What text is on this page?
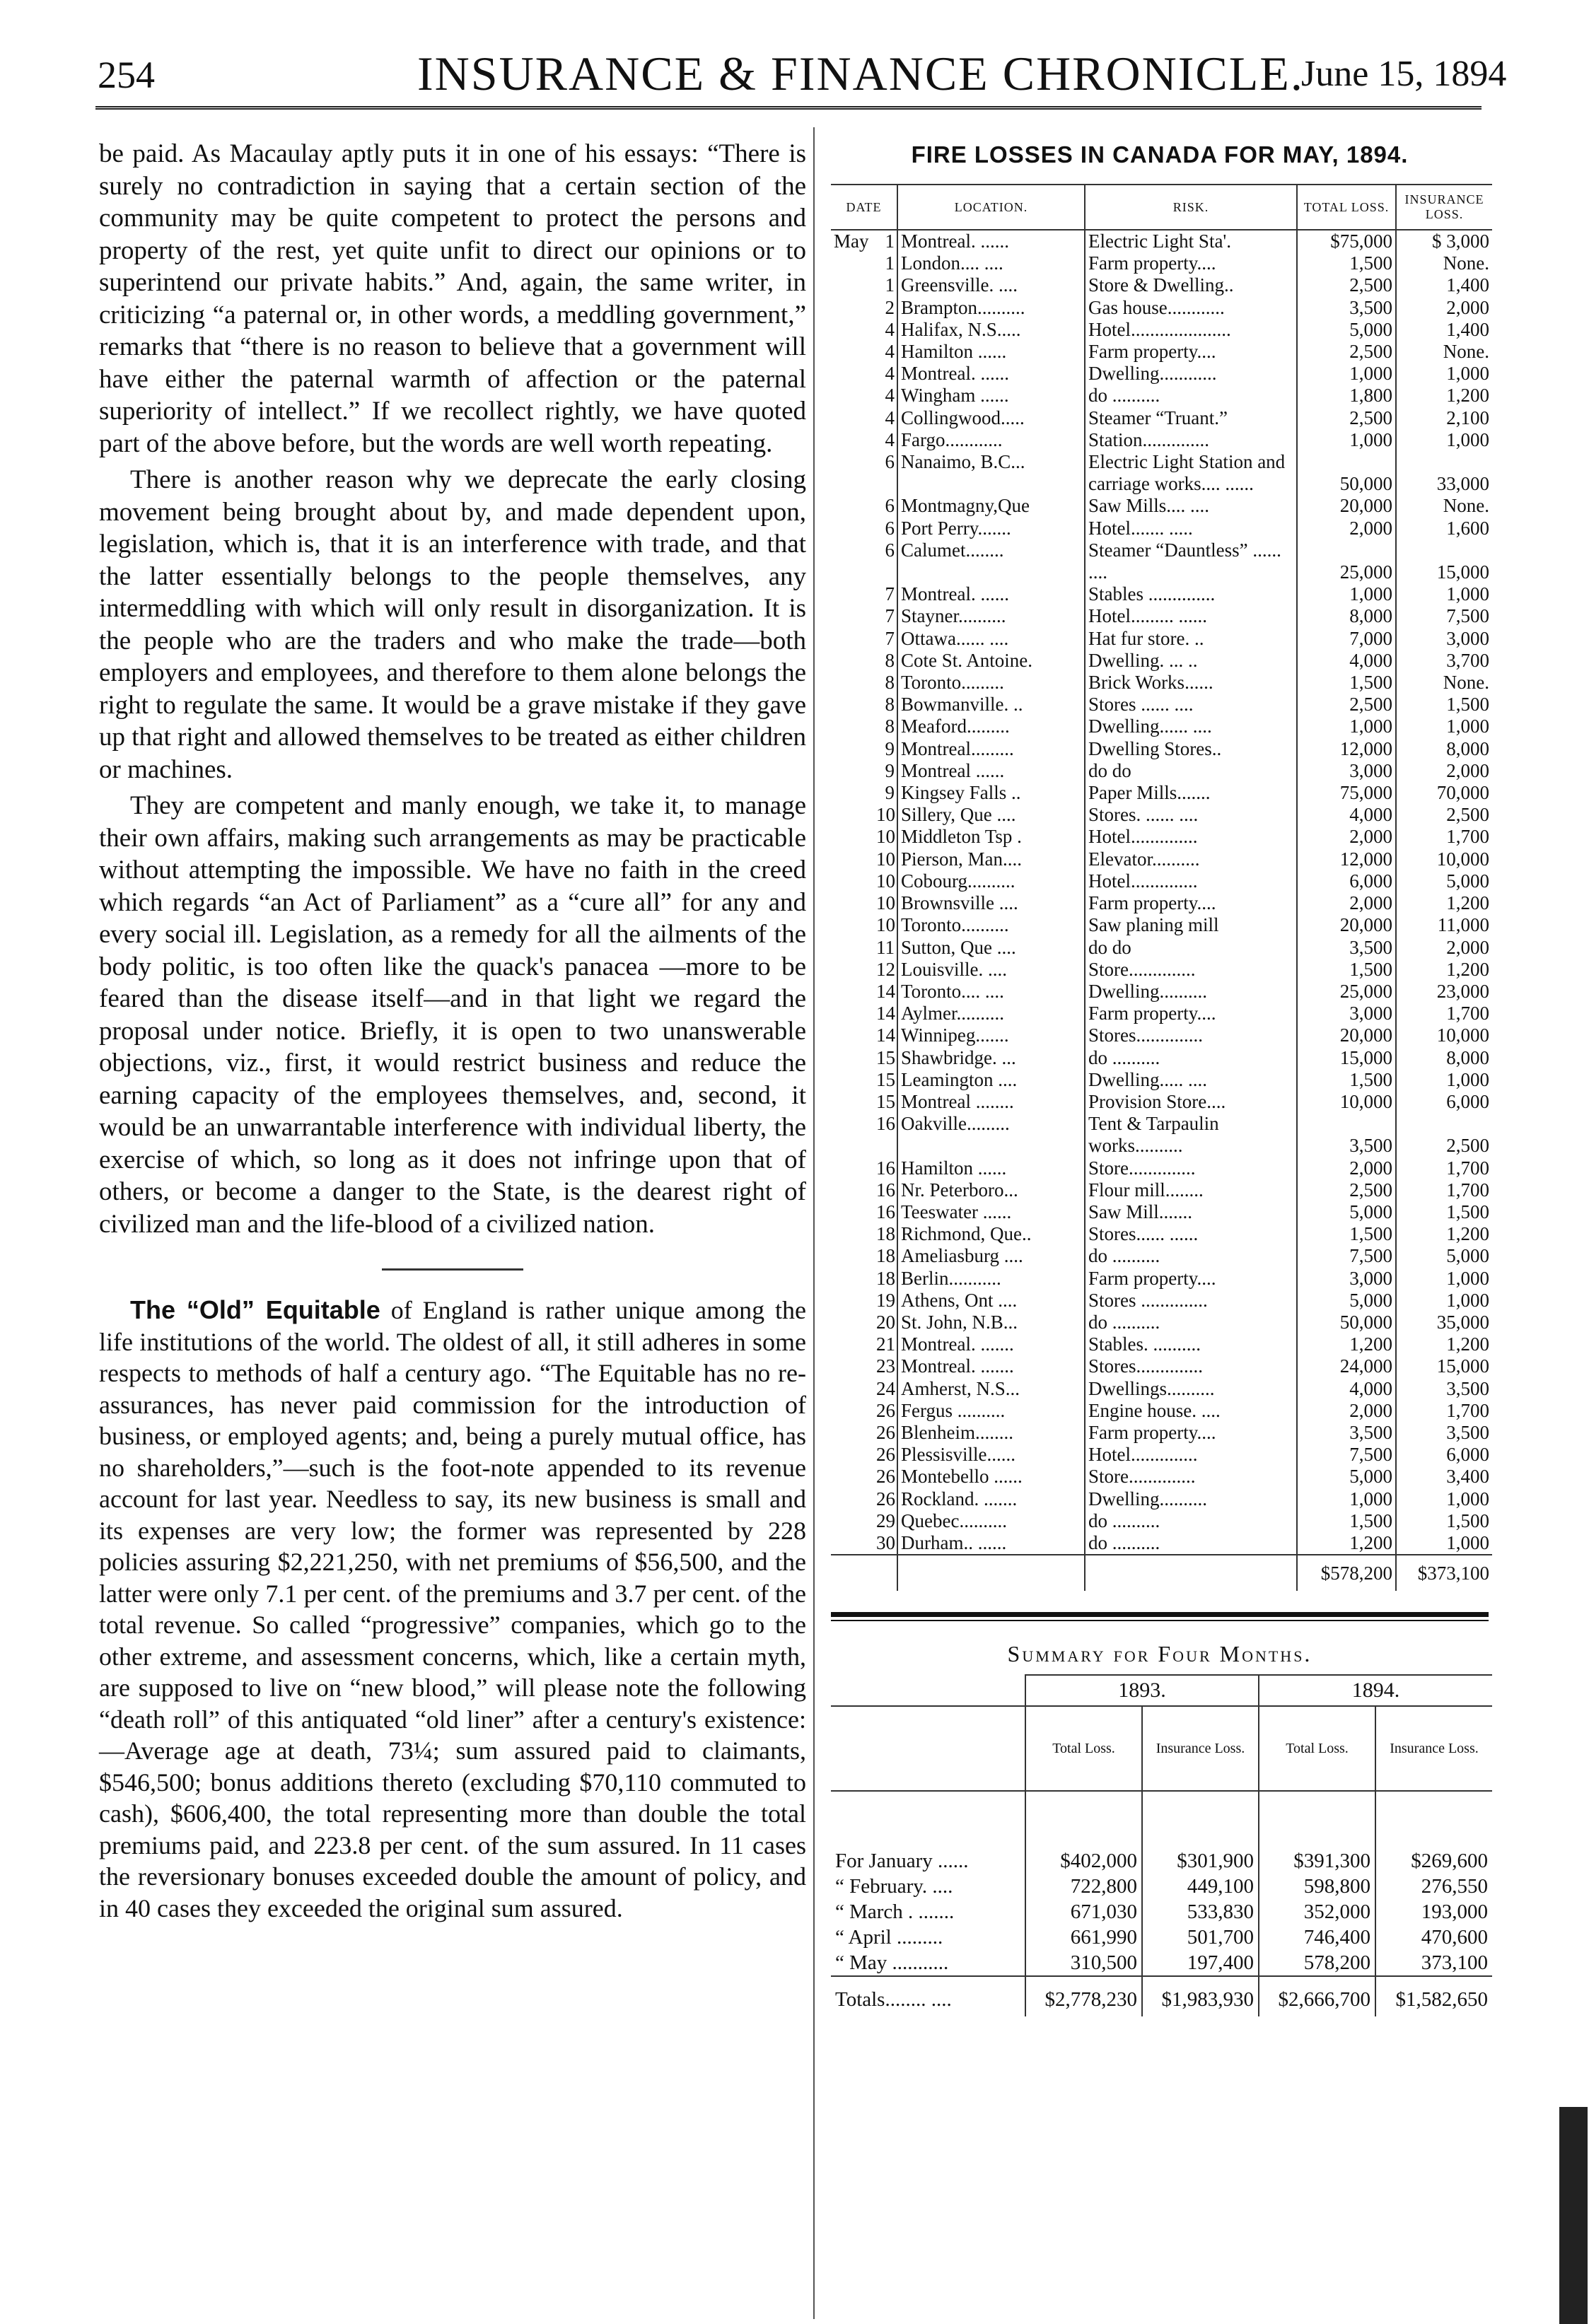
254	INSURANCE & FINANCE CHRONICLE.
June 15, 1894

be paid. As Macaulay aptly puts it in one of his essays: “There is surely no contradiction in saying that a certain section of the community may be quite competent to protect the persons and property of the rest, yet quite unfit to direct our opinions or to superintend our private habits.” And, again, the same writer, in criticizing “a paternal or, in other words, a meddling government,” remarks that “there is no reason to believe that a government will have either the paternal warmth of affection or the paternal superiority of intellect.” If we recollect rightly, we have quoted part of the above before, but the words are well worth repeating.

There is another reason why we deprecate the early closing movement being brought about by, and made dependent upon, legislation, which is, that it is an interference with trade, and that the latter essentially belongs to the people themselves, any intermeddling with which will only result in disorganization. It is the people who are the traders and who make the trade—both employers and employees, and therefore to them alone belongs the right to regulate the same. It would be a grave mistake if they gave up that right and allowed themselves to be treated as either children or machines.

They are competent and manly enough, we take it, to manage their own affairs, making such arrangements as may be practicable without attempting the impossible. We have no faith in the creed which regards “an Act of Parliament” as a “cure all” for any and every social ill. Legislation, as a remedy for all the ailments of the body politic, is too often like the quack's panacea —more to be feared than the disease itself—and in that light we regard the proposal under notice. Briefly, it is open to two unanswerable objections, viz., first, it would restrict business and reduce the earning capacity of the employees themselves, and, second, it would be an unwarrantable interference with individual liberty, the exercise of which, so long as it does not infringe upon that of others, or become a danger to the State, is the dearest right of civilized man and the life-blood of a civilized nation.

The “Old” Equitable of England is rather unique among the life institutions of the world. The oldest of all, it still adheres in some respects to methods of half a century ago. “The Equitable has no re-assurances, has never paid commission for the introduction of business, or employed agents; and, being a purely mutual office, has no shareholders,”—such is the foot-note appended to its revenue account for last year. Needless to say, its new business is small and its expenses are very low; the former was represented by 228 policies assuring $2,221,250, with net premiums of $56,500, and the latter were only 7.1 per cent. of the premiums and 3.7 per cent. of the total revenue. So called “progressive” companies, which go to the other extreme, and assessment concerns, which, like a certain myth, are supposed to live on “new blood,” will please note the following “death roll” of this antiquated “old liner” after a century's existence:—Average age at death, 73¼; sum assured paid to claimants, $546,500; bonus additions thereto (excluding $70,110 commuted to cash), $606,400, the total representing more than double the total premiums paid, and 223.8 per cent. of the sum assured. In 11 cases the reversionary bonuses exceeded double the amount of policy, and in 40 cases they exceeded the original sum assured.

FIRE LOSSES IN CANADA FOR MAY, 1894.
DATE		LOCATION.	RISK.	TOTAL LOSS.	INSURANCE LOSS.
May	1	Montreal. ......	Electric Light Sta'.	$75,000	$ 3,000
	1	London.... ....	Farm property....	1,500	None.
	1	Greensville. ....	Store & Dwelling..	2,500	1,400
	2	Brampton..........	Gas house............	3,500	2,000
	4	Halifax, N.S.....	Hotel.....................	5,000	1,400
	4	Hamilton ......	Farm property....	2,500	None.
	4	Montreal. ......	Dwelling............	1,000	1,000
	4	Wingham ......	do ..........	1,800	1,200
	4	Collingwood.....	Steamer “Truant.”	2,500	2,100
	4	Fargo............	Station..............	1,000	1,000
	6	Nanaimo, B.C...	Electric Light Station and carriage works.... ......	50,000	33,000
	6	Montmagny,Que	Saw Mills.... ....	20,000	None.
	6	Port Perry.......	Hotel....... .....	2,000	1,600
	6	Calumet........	Steamer “Dauntless” ...... ....	25,000	15,000
	7	Montreal. ......	Stables ..............	1,000	1,000
	7	Stayner..........	Hotel......... ......	8,000	7,500
	7	Ottawa...... ....	Hat fur store. ..	7,000	3,000
	8	Cote St. Antoine.	Dwelling. ... ..	4,000	3,700
	8	Toronto.........	Brick Works......	1,500	None.
	8	Bowmanville. ..	Stores ...... ....	2,500	1,500
	8	Meaford.........	Dwelling...... ....	1,000	1,000
	9	Montreal.........	Dwelling Stores..	12,000	8,000
	9	Montreal ......	do do	3,000	2,000
	9	Kingsey Falls ..	Paper Mills.......	75,000	70,000
	10	Sillery, Que ....	Stores. ...... ....	4,000	2,500
	10	Middleton Tsp .	Hotel..............	2,000	1,700
	10	Pierson, Man....	Elevator..........	12,000	10,000
	10	Cobourg..........	Hotel..............	6,000	5,000
	10	Brownsville ....	Farm property....	2,000	1,200
	10	Toronto..........	Saw planing mill	20,000	11,000
	11	Sutton, Que ....	do do	3,500	2,000
	12	Louisville. ....	Store..............	1,500	1,200
	14	Toronto.... ....	Dwelling..........	25,000	23,000
	14	Aylmer..........	Farm property....	3,000	1,700
	14	Winnipeg.......	Stores..............	20,000	10,000
	15	Shawbridge. ...	do ..........	15,000	8,000
	15	Leamington ....	Dwelling..... ....	1,500	1,000
	15	Montreal ........	Provision Store....	10,000	6,000
	16	Oakville.........	Tent & Tarpaulin works..........	3,500	2,500
	16	Hamilton ......	Store..............	2,000	1,700
	16	Nr. Peterboro...	Flour mill........	2,500	1,700
	16	Teeswater ......	Saw Mill.......	5,000	1,500
	18	Richmond, Que..	Stores...... ......	1,500	1,200
	18	Ameliasburg ....	do ..........	7,500	5,000
	18	Berlin...........	Farm property....	3,000	1,000
	19	Athens, Ont ....	Stores ..............	5,000	1,000
	20	St. John, N.B...	do ..........	50,000	35,000
	21	Montreal. .......	Stables. ..........	1,200	1,200
	23	Montreal. .......	Stores..............	24,000	15,000
	24	Amherst, N.S...	Dwellings..........	4,000	3,500
	26	Fergus ..........	Engine house. ....	2,000	1,700
	26	Blenheim........	Farm property....	3,500	3,500
	26	Plessisville......	Hotel..............	7,500	6,000
	26	Montebello ......	Store..............	5,000	3,400
	26	Rockland. .......	Dwelling..........	1,000	1,000
	29	Quebec..........	do ..........	1,500	1,500
	30	Durham.. ......	do ..........	1,200	1,000
				$578,200	$373,100
Summary for Four Months.
	1893.		1894.	
	Total Loss.	Insurance Loss.	Total Loss.	Insurance Loss.

For January ......	$402,000	$301,900	$391,300	$269,600
“ February. ....	722,800	449,100	598,800	276,550
“ March . .......	671,030	533,830	352,000	193,000
“ April .........	661,990	501,700	746,400	470,600
“ May ...........	310,500	197,400	578,200	373,100
Totals........ ....	$2,778,230	$1,983,930	$2,666,700	$1,582,650
